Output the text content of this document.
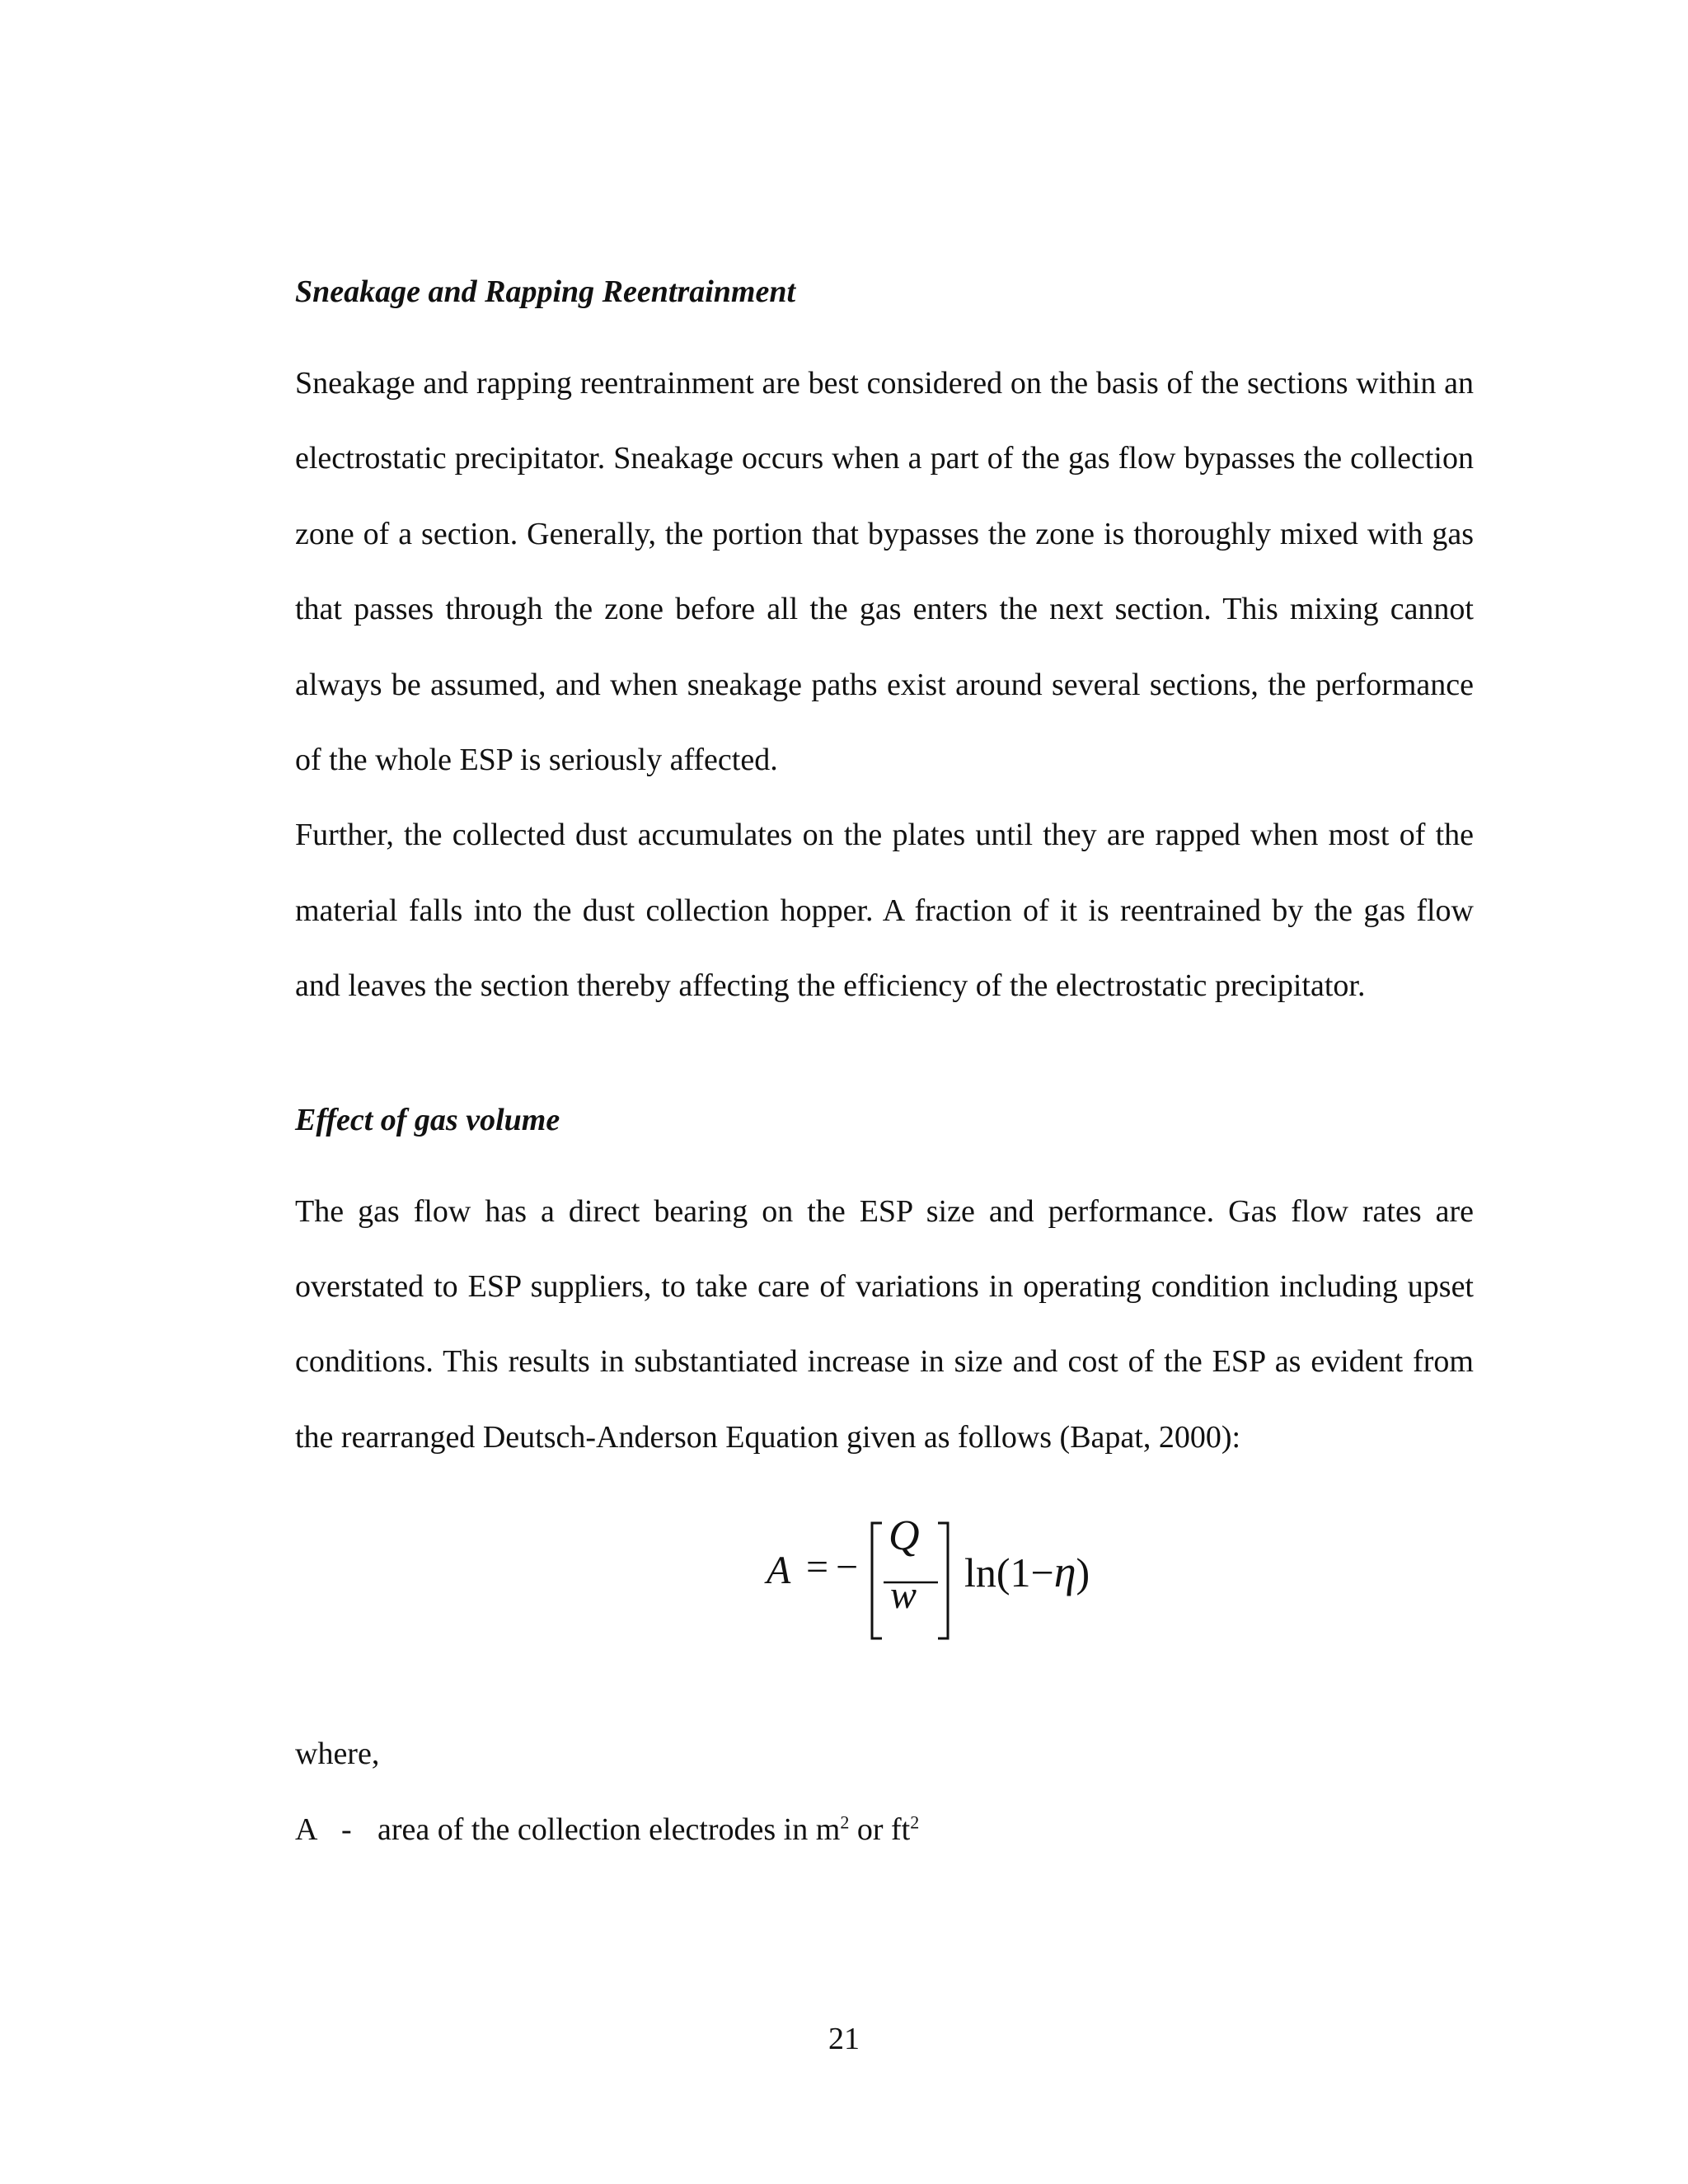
Sneakage and Rapping Reentrainment

Sneakage and rapping reentrainment are best considered on the basis of the sections within an electrostatic precipitator. Sneakage occurs when a part of the gas flow bypasses the collection zone of a section. Generally, the portion that bypasses the zone is thoroughly mixed with gas that passes through the zone before all the gas enters the next section. This mixing cannot always be assumed, and when sneakage paths exist around several sections, the performance of the whole ESP is seriously affected.

Further, the collected dust accumulates on the plates until they are rapped when most of the material falls into the dust collection hopper. A fraction of it is reentrained by the gas flow and leaves the section thereby affecting the efficiency of the electrostatic precipitator.

Effect of gas volume

The gas flow has a direct bearing on the ESP size and performance. Gas flow rates are overstated to ESP suppliers, to take care of variations in operating condition including upset conditions. This results in substantiated increase in size and cost of the ESP as evident from the rearranged Deutsch-Anderson Equation given as follows (Bapat, 2000):

A = −
Q
w ln(1−η)
where,
A - area of the collection electrodes in $m^2$ or $ft^2$
21
